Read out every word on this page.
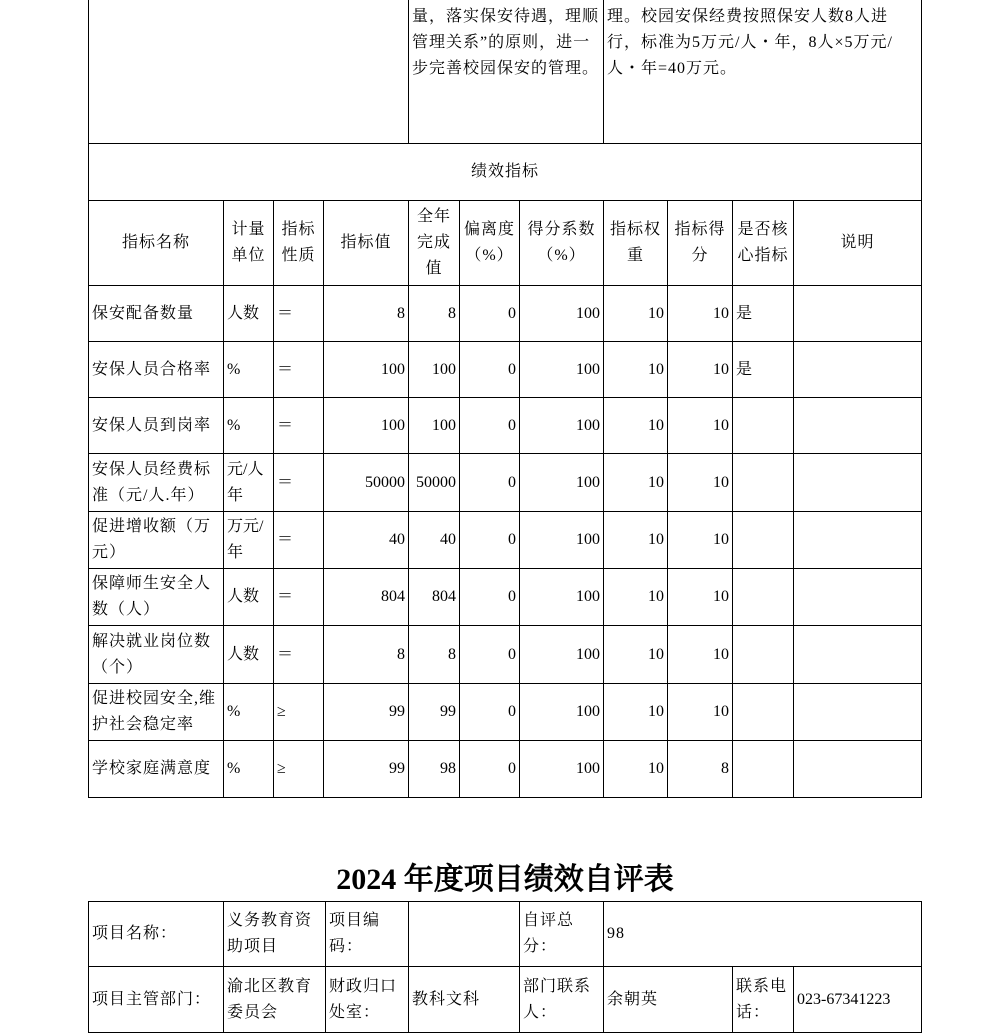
				量，落实保安待遇，理顺管理关系”的原则，进一步完善校园保安的管理。			理。校园安保经费按照保安人数8人进行，标准为5万元/人・年，8人×5万元/人・年=40万元。			
绩效指标										
指标名称	计量单位	指标性质	指标值	全年完成值	偏离度（%）	得分系数（%）	指标权重	指标得分	是否核心指标	说明
保安配备数量	人数	＝	8	8	0	100	10	10	是	
安保人员合格率	%	＝	100	100	0	100	10	10	是	
安保人员到岗率	%	＝	100	100	0	100	10	10		
安保人员经费标准（元/人.年）	元/人年	＝	50000	50000	0	100	10	10		
促进增收额（万元）	万元/年	＝	40	40	0	100	10	10		
保障师生安全人数（人）	人数	＝	804	804	0	100	10	10		
解决就业岗位数（个）	人数	＝	8	8	0	100	10	10		
促进校园安全,维护社会稳定率	%	≥	99	99	0	100	10	10		
学校家庭满意度	%	≥	99	98	0	100	10	8		
2024 年度项目绩效自评表
项目名称：	义务教育资助项目	项目编码：		自评总分：	98		
项目主管部门：	渝北区教育委员会	财政归口处室：	教科文科	部门联系人：	余朝英	联系电话：	023-67341223
